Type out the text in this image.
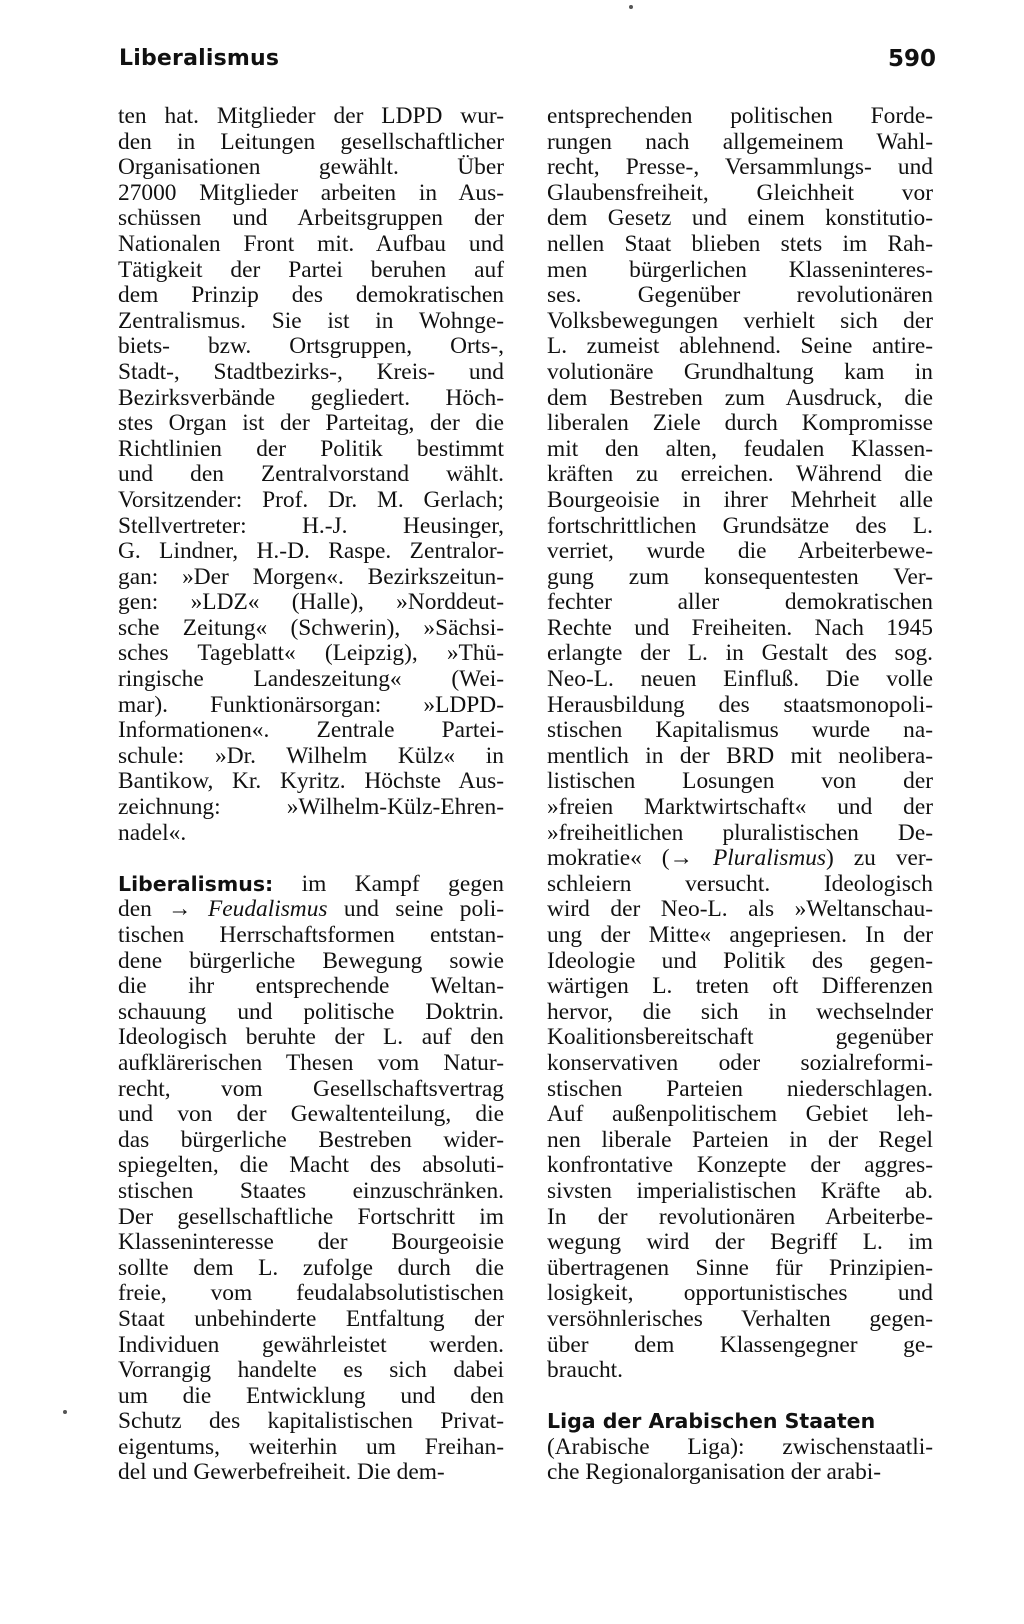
Liberalismus	590
ten hat. Mitglieder der LDPD wur-
den in Leitungen gesellschaftlicher
Organisationen gewählt. Über
27000 Mitglieder arbeiten in Aus-
schüssen und Arbeitsgruppen der
Nationalen Front mit. Aufbau und
Tätigkeit der Partei beruhen auf
dem Prinzip des demokratischen
Zentralismus. Sie ist in Wohnge-
biets- bzw. Ortsgruppen, Orts-,
Stadt-, Stadtbezirks-, Kreis- und
Bezirksverbände gegliedert. Höch-
stes Organ ist der Parteitag, der die
Richtlinien der Politik bestimmt
und den Zentralvorstand wählt.
Vorsitzender: Prof. Dr. M. Gerlach;
Stellvertreter: H.-J. Heusinger,
G. Lindner, H.-D. Raspe. Zentralor-
gan: »Der Morgen«. Bezirkszeitun-
gen: »LDZ« (Halle), »Norddeut-
sche Zeitung« (Schwerin), »Sächsi-
sches Tageblatt« (Leipzig), »Thü-
ringische Landeszeitung« (Wei-
mar). Funktionärsorgan: »LDPD-
Informationen«. Zentrale Partei-
schule: »Dr. Wilhelm Külz« in
Bantikow, Kr. Kyritz. Höchste Aus-
zeichnung: »Wilhelm-Külz-Ehren-
nadel«.
Liberalismus: im Kampf gegen
den → Feudalismus und seine poli-
tischen Herrschaftsformen entstan-
dene bürgerliche Bewegung sowie
die ihr entsprechende Weltan-
schauung und politische Doktrin.
Ideologisch beruhte der L. auf den
aufklärerischen Thesen vom Natur-
recht, vom Gesellschaftsvertrag
und von der Gewaltenteilung, die
das bürgerliche Bestreben wider-
spiegelten, die Macht des absoluti-
stischen Staates einzuschränken.
Der gesellschaftliche Fortschritt im
Klasseninteresse der Bourgeoisie
sollte dem L. zufolge durch die
freie, vom feudalabsolutistischen
Staat unbehinderte Entfaltung der
Individuen gewährleistet werden.
Vorrangig handelte es sich dabei
um die Entwicklung und den
Schutz des kapitalistischen Privat-
eigentums, weiterhin um Freihan-
del und Gewerbefreiheit. Die dem-
entsprechenden politischen Forde-
rungen nach allgemeinem Wahl-
recht, Presse-, Versammlungs- und
Glaubensfreiheit, Gleichheit vor
dem Gesetz und einem konstitutio-
nellen Staat blieben stets im Rah-
men bürgerlichen Klasseninteres-
ses. Gegenüber revolutionären
Volksbewegungen verhielt sich der
L. zumeist ablehnend. Seine antire-
volutionäre Grundhaltung kam in
dem Bestreben zum Ausdruck, die
liberalen Ziele durch Kompromisse
mit den alten, feudalen Klassen-
kräften zu erreichen. Während die
Bourgeoisie in ihrer Mehrheit alle
fortschrittlichen Grundsätze des L.
verriet, wurde die Arbeiterbewe-
gung zum konsequentesten Ver-
fechter aller demokratischen
Rechte und Freiheiten. Nach 1945
erlangte der L. in Gestalt des sog.
Neo-L. neuen Einfluß. Die volle
Herausbildung des staatsmonopoli-
stischen Kapitalismus wurde na-
mentlich in der BRD mit neolibera-
listischen Losungen von der
»freien Marktwirtschaft« und der
»freiheitlichen pluralistischen De-
mokratie« (→ Pluralismus) zu ver-
schleiern versucht. Ideologisch
wird der Neo-L. als »Weltanschau-
ung der Mitte« angepriesen. In der
Ideologie und Politik des gegen-
wärtigen L. treten oft Differenzen
hervor, die sich in wechselnder
Koalitionsbereitschaft gegenüber
konservativen oder sozialreformi-
stischen Parteien niederschlagen.
Auf außenpolitischem Gebiet leh-
nen liberale Parteien in der Regel
konfrontative Konzepte der aggres-
sivsten imperialistischen Kräfte ab.
In der revolutionären Arbeiterbe-
wegung wird der Begriff L. im
übertragenen Sinne für Prinzipien-
losigkeit, opportunistisches und
versöhnlerisches Verhalten gegen-
über dem Klassengegner ge-
braucht.
Liga der Arabischen Staaten
(Arabische Liga): zwischenstaatli-
che Regionalorganisation der arabi-
